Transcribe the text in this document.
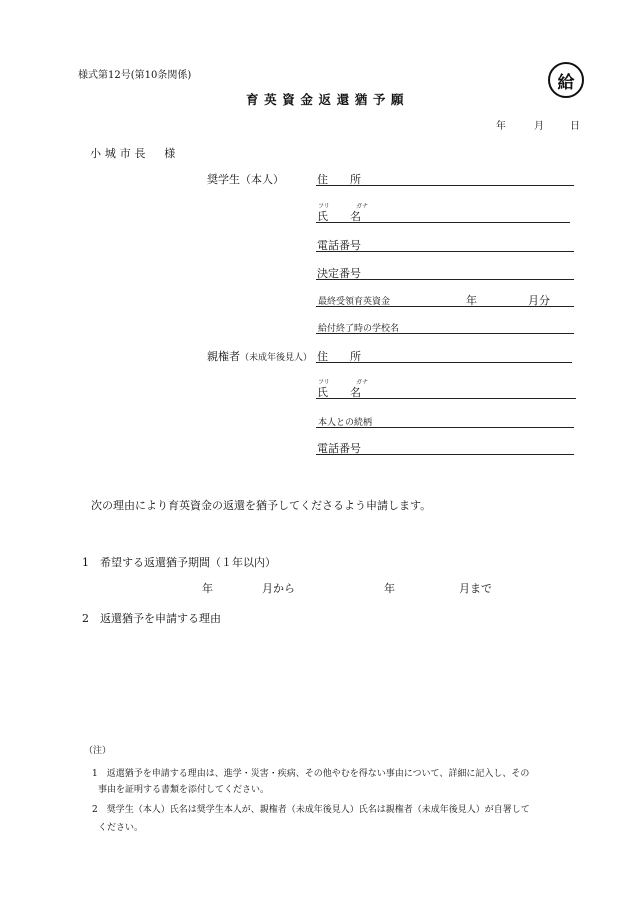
様式第12号(第10条関係)	給
育英資金返還猶予願
年	月	日
小城市長　様
奨学生（本人）	住　　所
フリ	ガナ
氏　　名
電話番号
決定番号
最終受領育英資金	年	月分
給付終了時の学校名
親権者（未成年後見人） 住　　所
フリ	ガナ
氏　　名
本人との続柄
電話番号
次の理由により育英資金の返還を猶予してくださるよう申請します。
1　希望する返還猶予期間（１年以内）
年	月から	年	月まで
2　返還猶予を申請する理由
（注）
1　返還猶予を申請する理由は、進学・災害・疾病、その他やむを得ない事由について、詳細に記入し、その
事由を証明する書類を添付してください。
2　奨学生（本人）氏名は奨学生本人が、親権者（未成年後見人）氏名は親権者（未成年後見人）が自署して
ください。
